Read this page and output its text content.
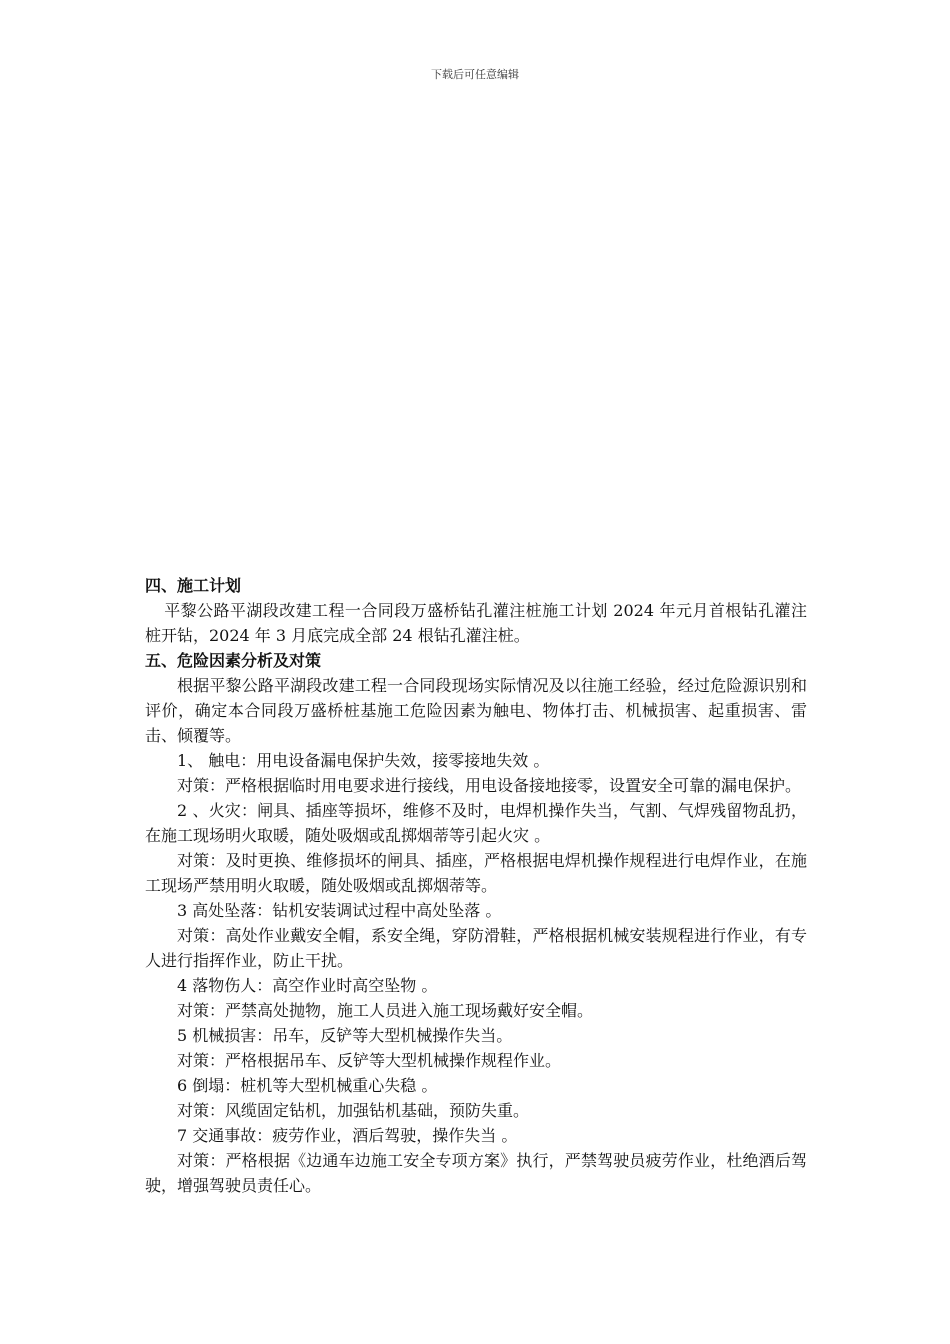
下载后可任意编辑

四、施工计划

平黎公路平湖段改建工程一合同段万盛桥钻孔灌注桩施工计划 2024 年元月首根钻孔灌注桩开钻，2024 年 3 月底完成全部 24 根钻孔灌注桩。

五、危险因素分析及对策

根据平黎公路平湖段改建工程一合同段现场实际情况及以往施工经验，经过危险源识别和评价，确定本合同段万盛桥桩基施工危险因素为触电、物体打击、机械损害、起重损害、雷击、倾覆等。

1、 触电：用电设备漏电保护失效，接零接地失效 。

对策：严格根据临时用电要求进行接线，用电设备接地接零，设置安全可靠的漏电保护。

2 、火灾：闸具、插座等损坏，维修不及时，电焊机操作失当，气割、气焊残留物乱扔，在施工现场明火取暖，随处吸烟或乱掷烟蒂等引起火灾 。

对策：及时更换、维修损坏的闸具、插座，严格根据电焊机操作规程进行电焊作业，在施工现场严禁用明火取暖，随处吸烟或乱掷烟蒂等。

3 高处坠落：钻机安装调试过程中高处坠落 。

对策：高处作业戴安全帽，系安全绳，穿防滑鞋，严格根据机械安装规程进行作业，有专人进行指挥作业，防止干扰。

4 落物伤人：高空作业时高空坠物 。

对策：严禁高处抛物，施工人员进入施工现场戴好安全帽。

5 机械损害：吊车，反铲等大型机械操作失当。

对策：严格根据吊车、反铲等大型机械操作规程作业。

6 倒塌：桩机等大型机械重心失稳 。

对策：风缆固定钻机，加强钻机基础，预防失重。

7 交通事故：疲劳作业，酒后驾驶，操作失当 。

对策：严格根据《边通车边施工安全专项方案》执行，严禁驾驶员疲劳作业，杜绝酒后驾驶，增强驾驶员责任心。
